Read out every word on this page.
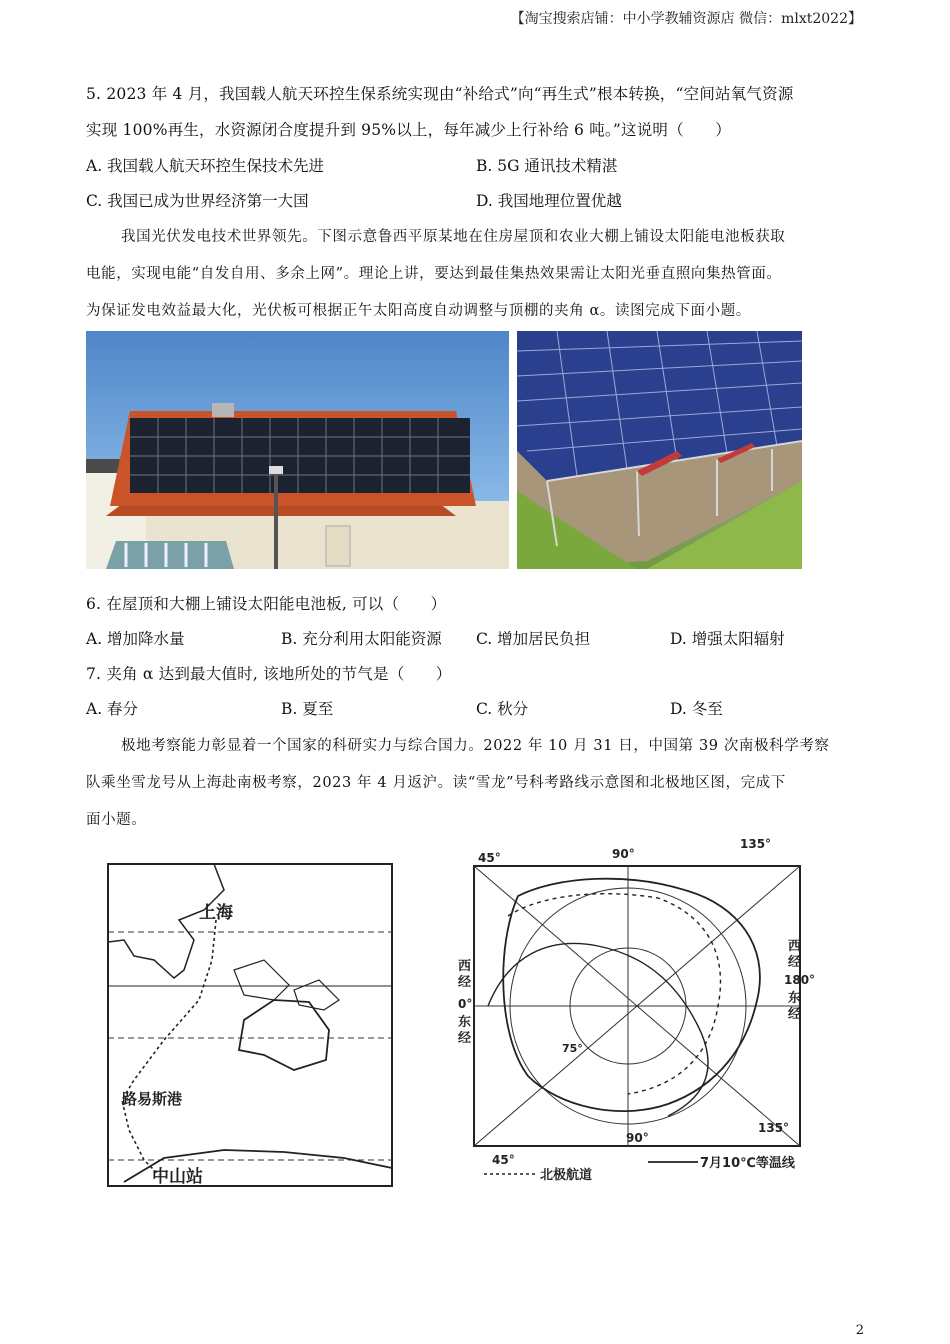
【淘宝搜索店铺：中小学教辅资源店 微信：mlxt2022】
5. 2023 年 4 月，我国载人航天环控生保系统实现由“补给式”向“再生式”根本转换，“空间站氧气资源
实现 100%再生，水资源闭合度提升到 95%以上，每年减少上行补给 6 吨。”这说明（　　）
A. 我国载人航天环控生保技术先进	B. 5G 通讯技术精湛
C. 我国已成为世界经济第一大国	D. 我国地理位置优越
我国光伏发电技术世界领先。下图示意鲁西平原某地在住房屋顶和农业大棚上铺设太阳能电池板获取
电能，实现电能“自发自用、多余上网”。理论上讲，要达到最佳集热效果需让太阳光垂直照向集热管面。
为保证发电效益最大化，光伏板可根据正午太阳高度自动调整与顶棚的夹角 α。读图完成下面小题。
6. 在屋顶和大棚上铺设太阳能电池板, 可以（　　）
A. 增加降水量	B. 充分利用太阳能资源 C. 增加居民负担	D. 增强太阳辐射
7. 夹角 α 达到最大值时, 该地所处的节气是（　　）
A. 春分	B. 夏至	C. 秋分	D. 冬至
极地考察能力彰显着一个国家的科研实力与综合国力。2022 年 10 月 31 日，中国第 39 次南极科学考察
队乘坐雪龙号从上海赴南极考察，2023 年 4 月返沪。读“雪龙”号科考路线示意图和北极地区图，完成下
面小题。
上海
路易斯港
中山站
45°	90°
135°
45°
90°
135°
75°
西
经
0°
东
经
西
经
180°
东
经
北极航道
7月10℃等温线
2
